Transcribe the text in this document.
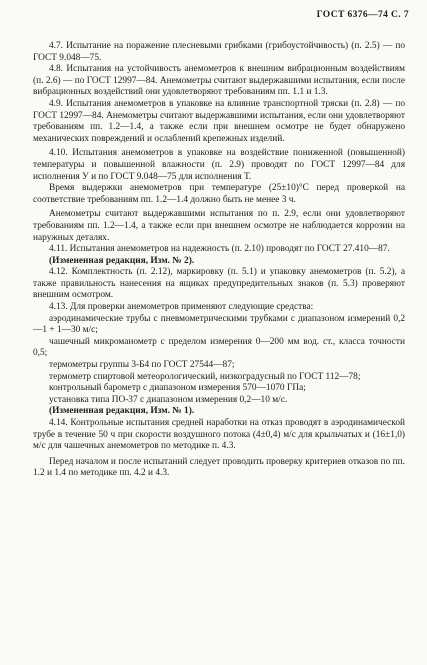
ГОСТ 6376—74 С. 7

4.7. Испытание на поражение плесневыми грибками (грибоустойчивость) (п. 2.5) — по ГОСТ 9.048—75.

4.8. Испытания на устойчивость анемометров к внешним вибрационным воздействиям (п. 2.6) — по ГОСТ 12997—84. Анемометры считают выдержавшими испытания, если после вибрационных воздействий они удовлетворяют требованиям пп. 1.1 и 1.3.

4.9. Испытания анемометров в упаковке на влияние транспортной тряски (п. 2.8) — по ГОСТ 12997—84. Анемометры считают выдержавшими испытания, если они удовлетворяют требованиям пп. 1.2—1.4, а также если при внешнем осмотре не будет обнаружено механических повреждений и ослаблений крепежных изделий.

4.10. Испытания анемометров в упаковке на воздействие пониженной (повышенной) температуры и повышенной влажности (п. 2.9) проводят по ГОСТ 12997—84 для исполнения У и по ГОСТ 9.048—75 для исполнения Т.

Время выдержки анемометров при температуре (25±10)°С перед проверкой на соответствие требованиям пп. 1.2—1.4 должно быть не менее 3 ч.

Анемометры считают выдержавшими испытания по п. 2.9, если они удовлетворяют требованиям пп. 1.2—1.4, а также если при внешнем осмотре не наблюдается коррозии на наружных деталях.

4.11. Испытания анемометров на надежность (п. 2.10) проводят по ГОСТ 27.410—87.

(Измененная редакция, Изм. № 2).

4.12. Комплектность (п. 2.12), маркировку (п. 5.1) и упаковку анемометров (п. 5.2), а также правильность нанесения на ящиках предупредительных знаков (п. 5.3) проверяют внешним осмотром.

4.13. Для проверки анемометров применяют следующие средства:

аэродинамические трубы с пневмометрическими трубками с диапазоном измерений 0,2—1 + 1—30 м/с;

чашечный микроманометр с пределом измерения 0—200 мм вод. ст., класса точности 0,5;

термометры группы 3-Б4 по ГОСТ 27544—87;

термометр спиртовой метеорологический, низкоградусный по ГОСТ 112—78;

контрольный барометр с диапазоном измерения 570—1070 ГПа;

установка типа ПО-37 с диапазоном измерения 0,2—10 м/с.

(Измененная редакция, Изм. № 1).

4.14. Контрольные испытания средней наработки на отказ проводят в аэродинамической трубе в течение 50 ч при скорости воздушного потока (4±0,4) м/с для крыльчатых и (16±1,0) м/с для чашечных анемометров по методике п. 4.3.

Перед началом и после испытаний следует проводить проверку критериев отказов по пп. 1.2 и 1.4 по методике пп. 4.2 и 4.3.
